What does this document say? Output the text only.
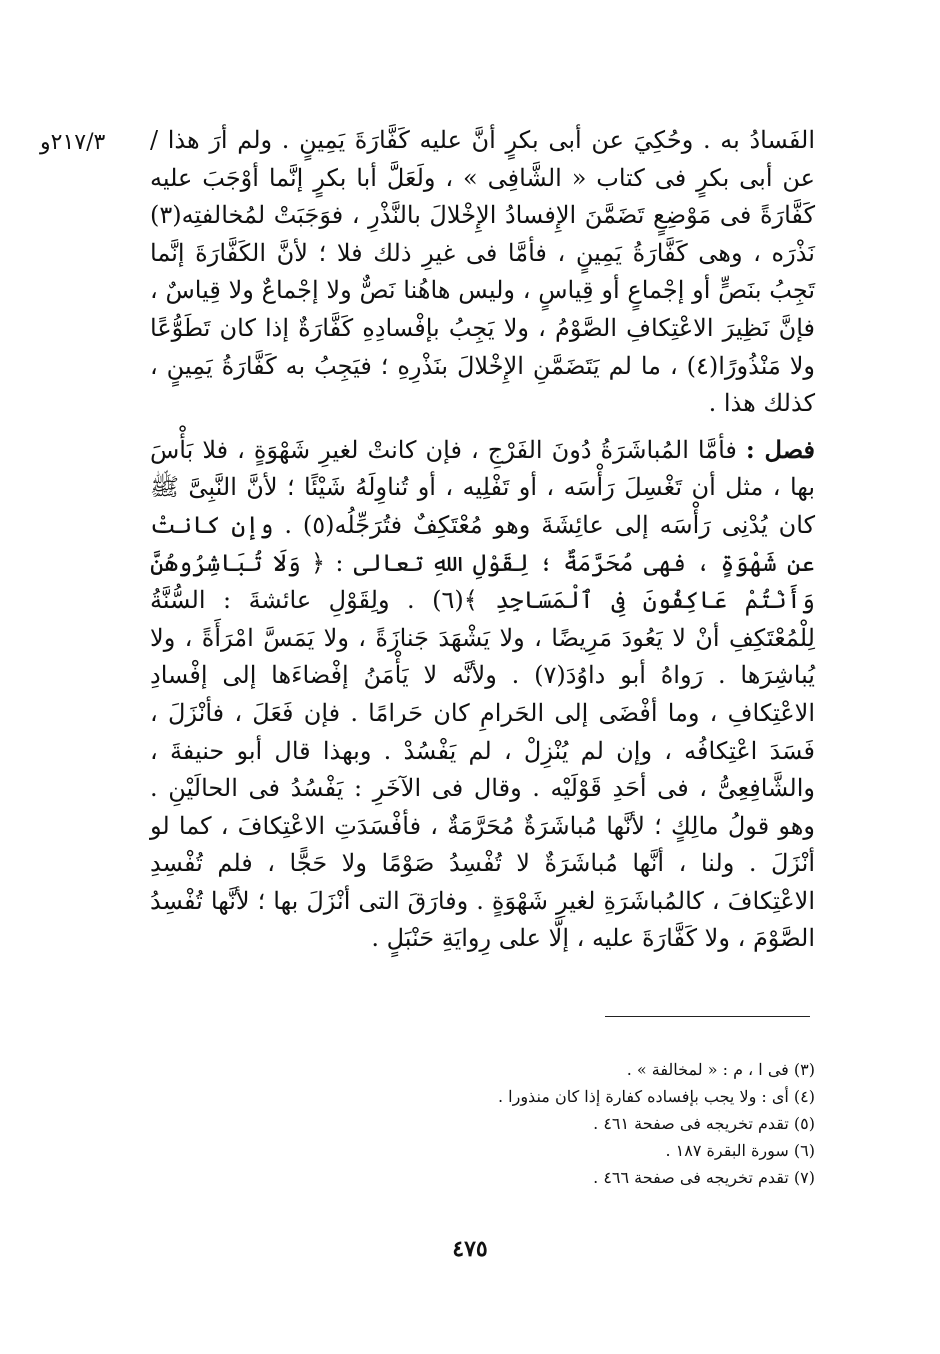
٢١٧/٣و الفَسادُ به . وحُكِيَ عن أبى بكرٍ أنَّ عليه كَفَّارَةَ يَمِينٍ . ولم أرَ هذا / عن أبى بكرٍ فى كتاب « الشَّافِى » ، ولَعَلَّ أبا بكرٍ إنَّما أوْجَبَ عليه كَفَّارَةً فى مَوْضِعٍ تَضَمَّنَ الإِفسادُ الإِخْلالَ بالنَّذْرِ ، فوَجَبَتْ لمُخالفتِه(٣) نَذْرَه ، وهى كَفَّارَةُ يَمِينٍ ، فأمَّا فى غيرِ ذلك فلا ؛ لأنَّ الكَفَّارَةَ إنَّما تَجِبُ بنَصٍّ أو إجْماعٍ أو قِياسٍ ، وليس هاهُنا نَصٌّ ولا إجْماعٌ ولا قِياسٌ ، فإنَّ نَظِيرَ الاعْتِكافِ الصَّوْمُ ، ولا يَجِبُ بإفْسادِهِ كَفَّارَةٌ إذا كان تَطَوُّعًا ولا مَنْذُورًا(٤) ، ما لم يَتَضَمَّنِ الإِخْلالَ بنَذْرِهِ ؛ فيَجِبُ به كَفَّارَةُ يَمِينٍ ، كذلك هذا .

فصل : فأمَّا المُباشَرَةُ دُونَ الفَرْجِ ، فإن كانتْ لغيرِ شَهْوَةٍ ، فلا بَأْسَ بها ، مثل أن تَغْسِلَ رَأْسَه ، أو تَفْلِيه ، أو تُناوِلَهُ شَيْئًا ؛ لأنَّ النَّبِىَّ ﷺ كان يُدْنِى رَأْسَه إلى عائِشَةَ وهو مُعْتَكِفٌ فتُرَجِّلُه(٥) . وإن كانتْ عن شَهْوَةٍ ، فهى مُحَرَّمَةٌ ؛ لِقَوْلِ اللهِ تعالى : ﴿ وَلَا تُبَاشِرُوهُنَّ وَأَنْتُمْ عَاكِفُونَ فِى ٱلْمَسَاجِدِ ﴾(٦) . ولِقَوْلِ عائشةَ : السُّنَّةُ لِلْمُعْتَكِفِ أنْ لا يَعُودَ مَرِيضًا ، ولا يَشْهَدَ جَنازَةً ، ولا يَمَسَّ امْرَأَةً ، ولا يُباشِرَها . رَواهُ أبو داوُدَ(٧) . ولأنَّه لا يَأْمَنُ إفْضاءَها إلى إفْسادِ الاعْتِكافِ ، وما أفْضَى إلى الحَرامِ كان حَرامًا . فإن فَعَلَ ، فأنْزَلَ ، فَسَدَ اعْتِكافُه ، وإن لم يُنْزِلْ ، لم يَفْسُدْ . وبهذا قال أبو حنيفةَ ، والشَّافِعِىُّ ، فى أحَدِ قَوْلَيْه . وقال فى الآخَرِ : يَفْسُدُ فى الحالَيْنِ . وهو قولُ مالِكٍ ؛ لأنَّها مُباشَرَةٌ مُحَرَّمَةٌ ، فأفْسَدَتِ الاعْتِكافَ ، كما لو أنْزَلَ . ولنا ، أنَّها مُباشَرَةٌ لا تُفْسِدُ صَوْمًا ولا حَجًّا ، فلم تُفْسِدِ الاعْتِكافَ ، كالمُباشَرَةِ لغيرِ شَهْوَةٍ . وفارَقَ التى أنْزَلَ بها ؛ لأنَّها تُفْسِدُ الصَّوْمَ ، ولا كَفَّارَةَ عليه ، إلَّا على رِوايَةِ حَنْبَلٍ .

(٣) فى ا ، م : « لمخالفة » .
(٤) أى : ولا يجب بإفساده كفارة إذا كان منذورا .
(٥) تقدم تخريجه فى صفحة ٤٦١ .
(٦) سورة البقرة ١٨٧ .
(٧) تقدم تخريجه فى صفحة ٤٦٦ .
٤٧٥
